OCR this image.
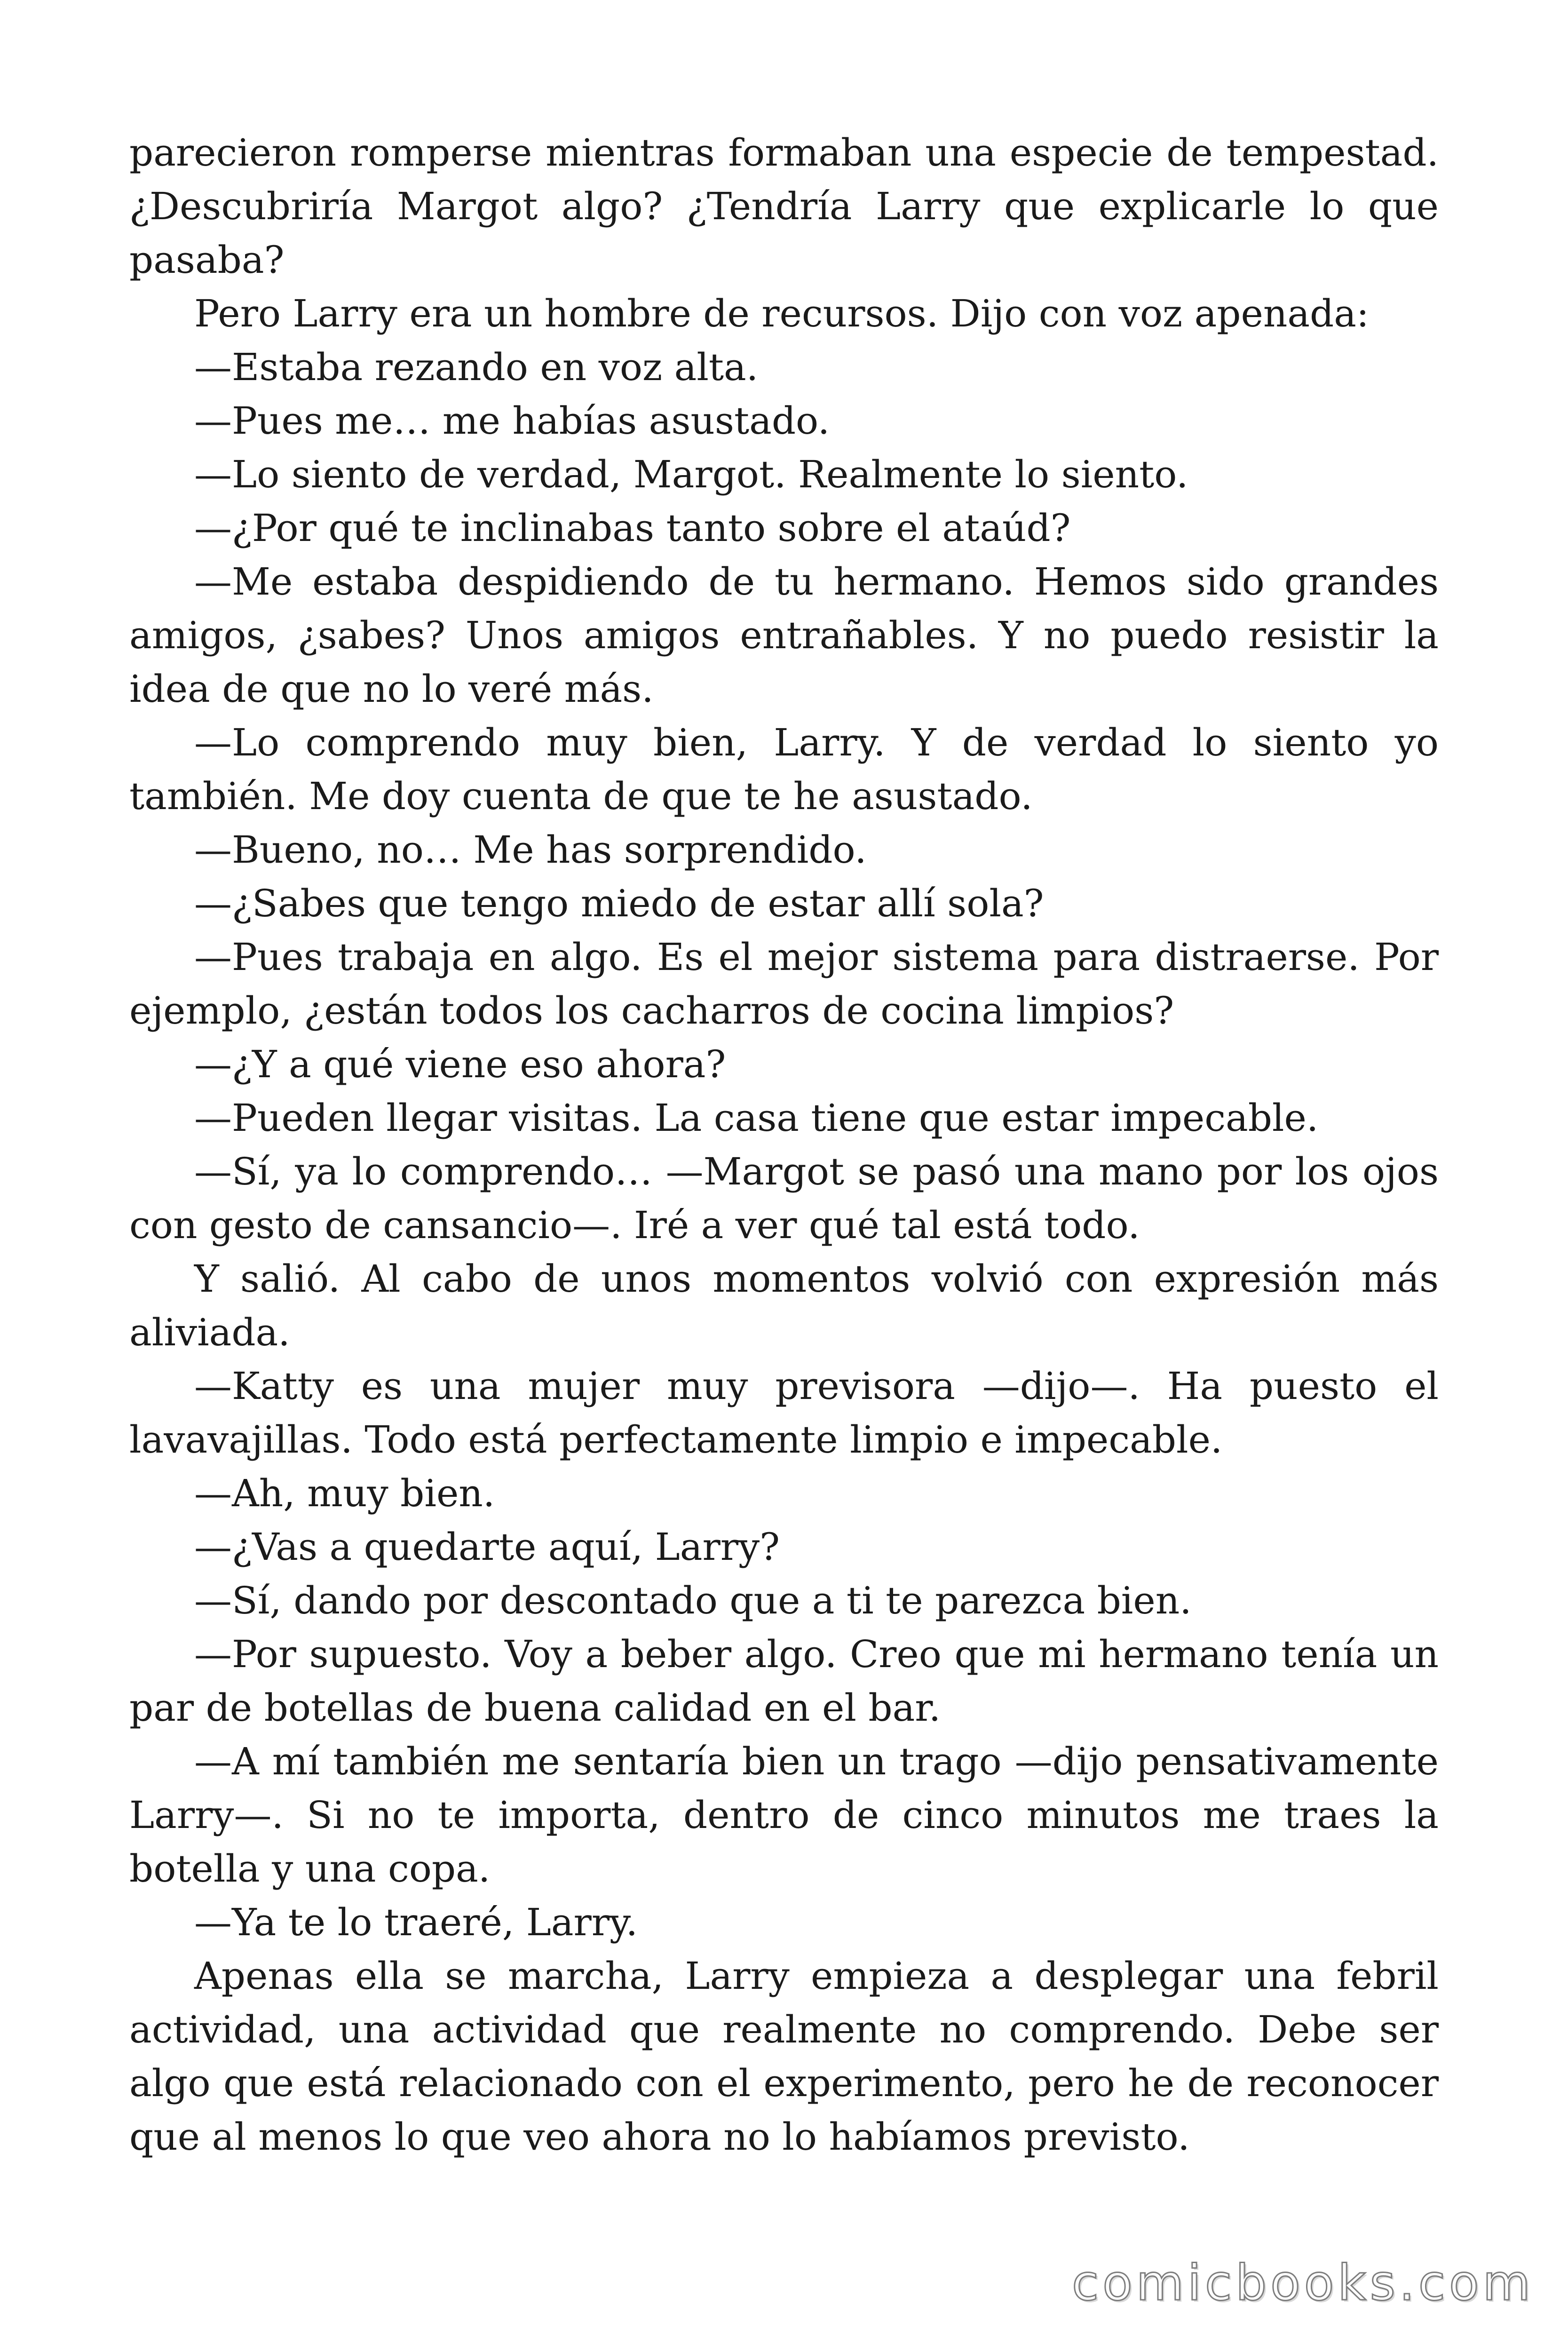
parecieron romperse mientras formaban una especie de tempestad. ¿Descubriría Margot algo? ¿Tendría Larry que explicarle lo que pasaba?

Pero Larry era un hombre de recursos. Dijo con voz apenada:

—Estaba rezando en voz alta.

—Pues me… me habías asustado.

—Lo siento de verdad, Margot. Realmente lo siento.

—¿Por qué te inclinabas tanto sobre el ataúd?

—Me estaba despidiendo de tu hermano. Hemos sido grandes amigos, ¿sabes? Unos amigos entrañables. Y no puedo resistir la idea de que no lo veré más.

—Lo comprendo muy bien, Larry. Y de verdad lo siento yo también. Me doy cuenta de que te he asustado.

—Bueno, no… Me has sorprendido.

—¿Sabes que tengo miedo de estar allí sola?

—Pues trabaja en algo. Es el mejor sistema para distraerse. Por ejemplo, ¿están todos los cacharros de cocina limpios?

—¿Y a qué viene eso ahora?

—Pueden llegar visitas. La casa tiene que estar impecable.

—Sí, ya lo comprendo… —Margot se pasó una mano por los ojos con gesto de cansancio—. Iré a ver qué tal está todo.

Y salió. Al cabo de unos momentos volvió con expresión más aliviada.

—Katty es una mujer muy previsora —dijo—. Ha puesto el lavavajillas. Todo está perfectamente limpio e impecable.

—Ah, muy bien.

—¿Vas a quedarte aquí, Larry?

—Sí, dando por descontado que a ti te parezca bien.

—Por supuesto. Voy a beber algo. Creo que mi hermano tenía un par de botellas de buena calidad en el bar.

—A mí también me sentaría bien un trago —dijo pensativamente Larry—. Si no te importa, dentro de cinco minutos me traes la botella y una copa.

—Ya te lo traeré, Larry.

Apenas ella se marcha, Larry empieza a desplegar una febril actividad, una actividad que realmente no comprendo. Debe ser algo que está relacionado con el experimento, pero he de reconocer que al menos lo que veo ahora no lo habíamos previsto.

comicbooks.com
